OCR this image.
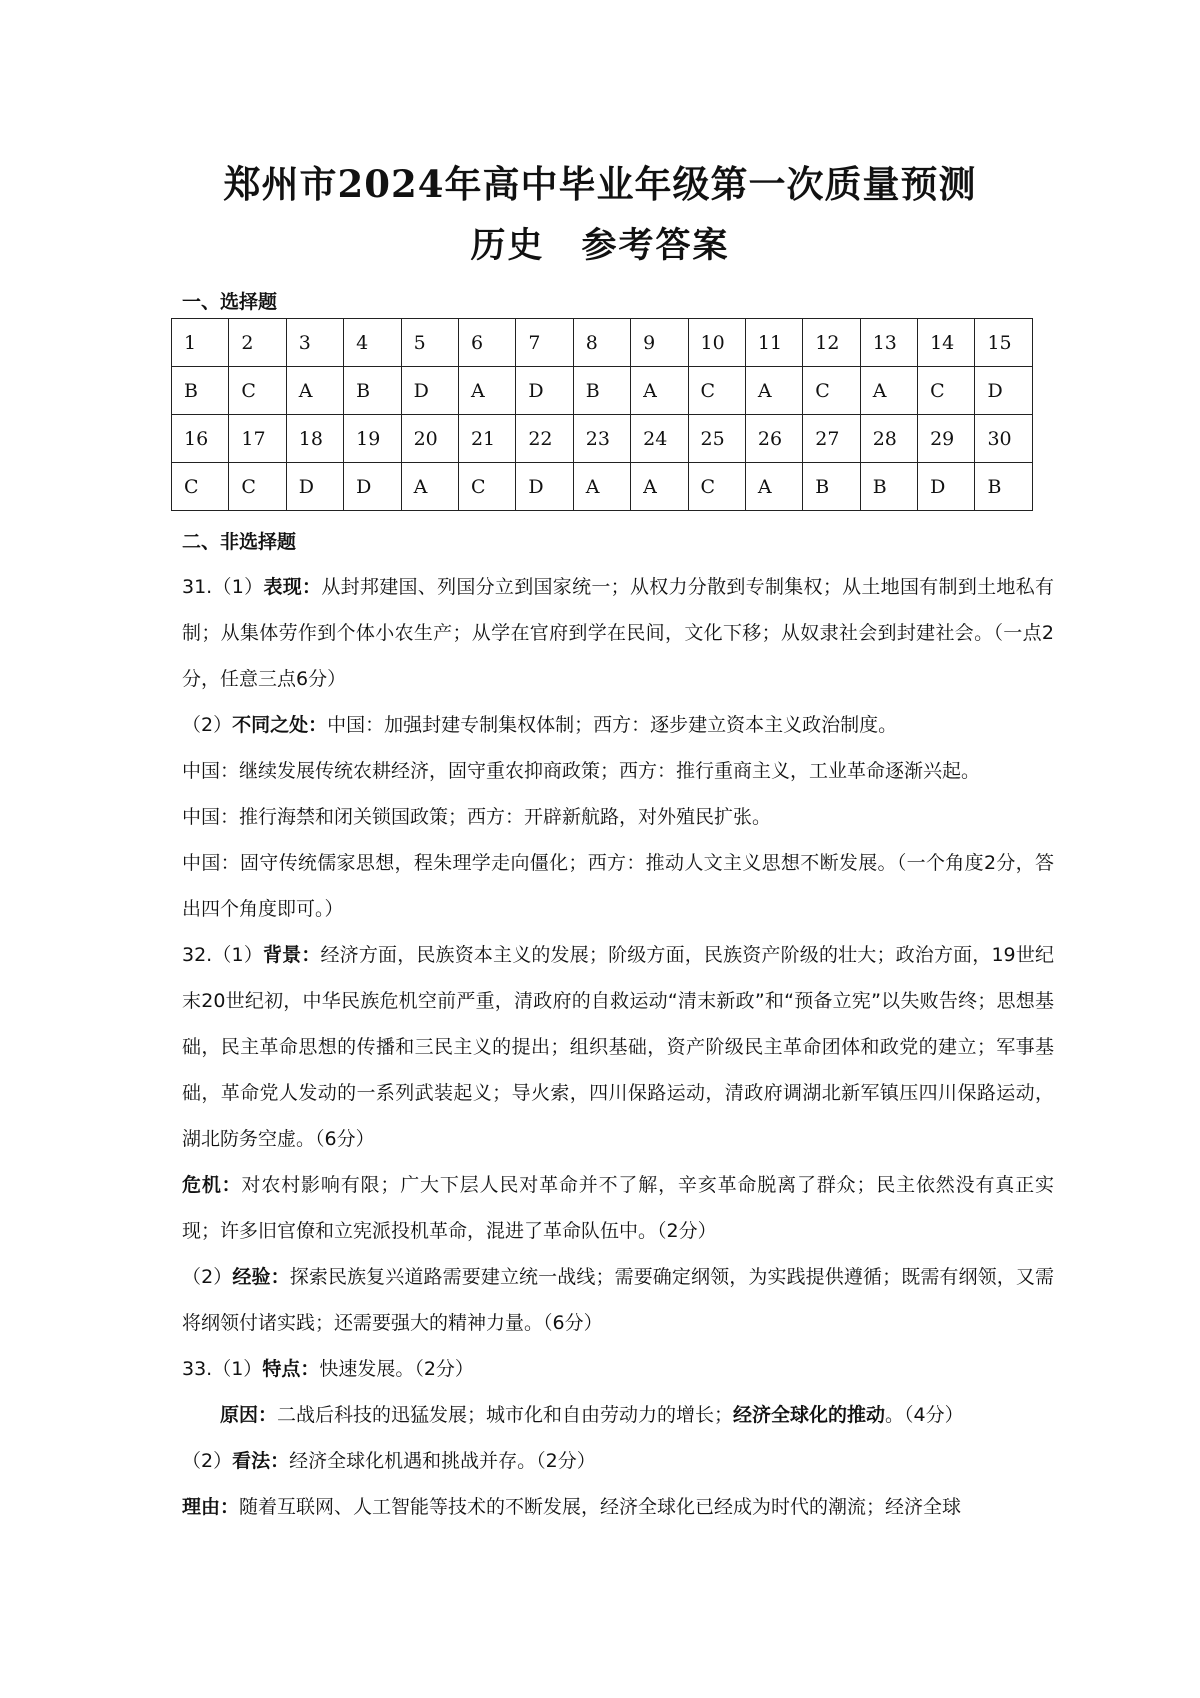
郑州市2024年高中毕业年级第一次质量预测
历史　参考答案
一、选择题
1	2	3	4	5	6	7	8	9	10	11	12	13	14	15
B	C	A	B	D	A	D	B	A	C	A	C	A	C	D
16	17	18	19	20	21	22	23	24	25	26	27	28	29	30
C	C	D	D	A	C	D	A	A	C	A	B	B	D	B
二、非选择题

31.（1）表现：从封邦建国、列国分立到国家统一；从权力分散到专制集权；从土地国有制到土地私有制；从集体劳作到个体小农生产；从学在官府到学在民间，文化下移；从奴隶社会到封建社会。（一点2分，任意三点6分）

（2）不同之处：中国：加强封建专制集权体制；西方：逐步建立资本主义政治制度。

中国：继续发展传统农耕经济，固守重农抑商政策；西方：推行重商主义，工业革命逐渐兴起。

中国：推行海禁和闭关锁国政策；西方：开辟新航路，对外殖民扩张。

中国：固守传统儒家思想，程朱理学走向僵化；西方：推动人文主义思想不断发展。（一个角度2分，答出四个角度即可。）

32.（1）背景：经济方面，民族资本主义的发展；阶级方面，民族资产阶级的壮大；政治方面，19世纪末20世纪初，中华民族危机空前严重，清政府的自救运动“清末新政”和“预备立宪”以失败告终；思想基础，民主革命思想的传播和三民主义的提出；组织基础，资产阶级民主革命团体和政党的建立；军事基础，革命党人发动的一系列武装起义；导火索，四川保路运动，清政府调湖北新军镇压四川保路运动，湖北防务空虚。（6分）

危机：对农村影响有限；广大下层人民对革命并不了解，辛亥革命脱离了群众；民主依然没有真正实现；许多旧官僚和立宪派投机革命，混进了革命队伍中。（2分）

（2）经验：探索民族复兴道路需要建立统一战线；需要确定纲领，为实践提供遵循；既需有纲领，又需将纲领付诸实践；还需要强大的精神力量。（6分）

33.（1）特点：快速发展。（2分）

原因：二战后科技的迅猛发展；城市化和自由劳动力的增长；经济全球化的推动。（4分）

（2）看法：经济全球化机遇和挑战并存。（2分）

理由：随着互联网、人工智能等技术的不断发展，经济全球化已经成为时代的潮流；经济全球
